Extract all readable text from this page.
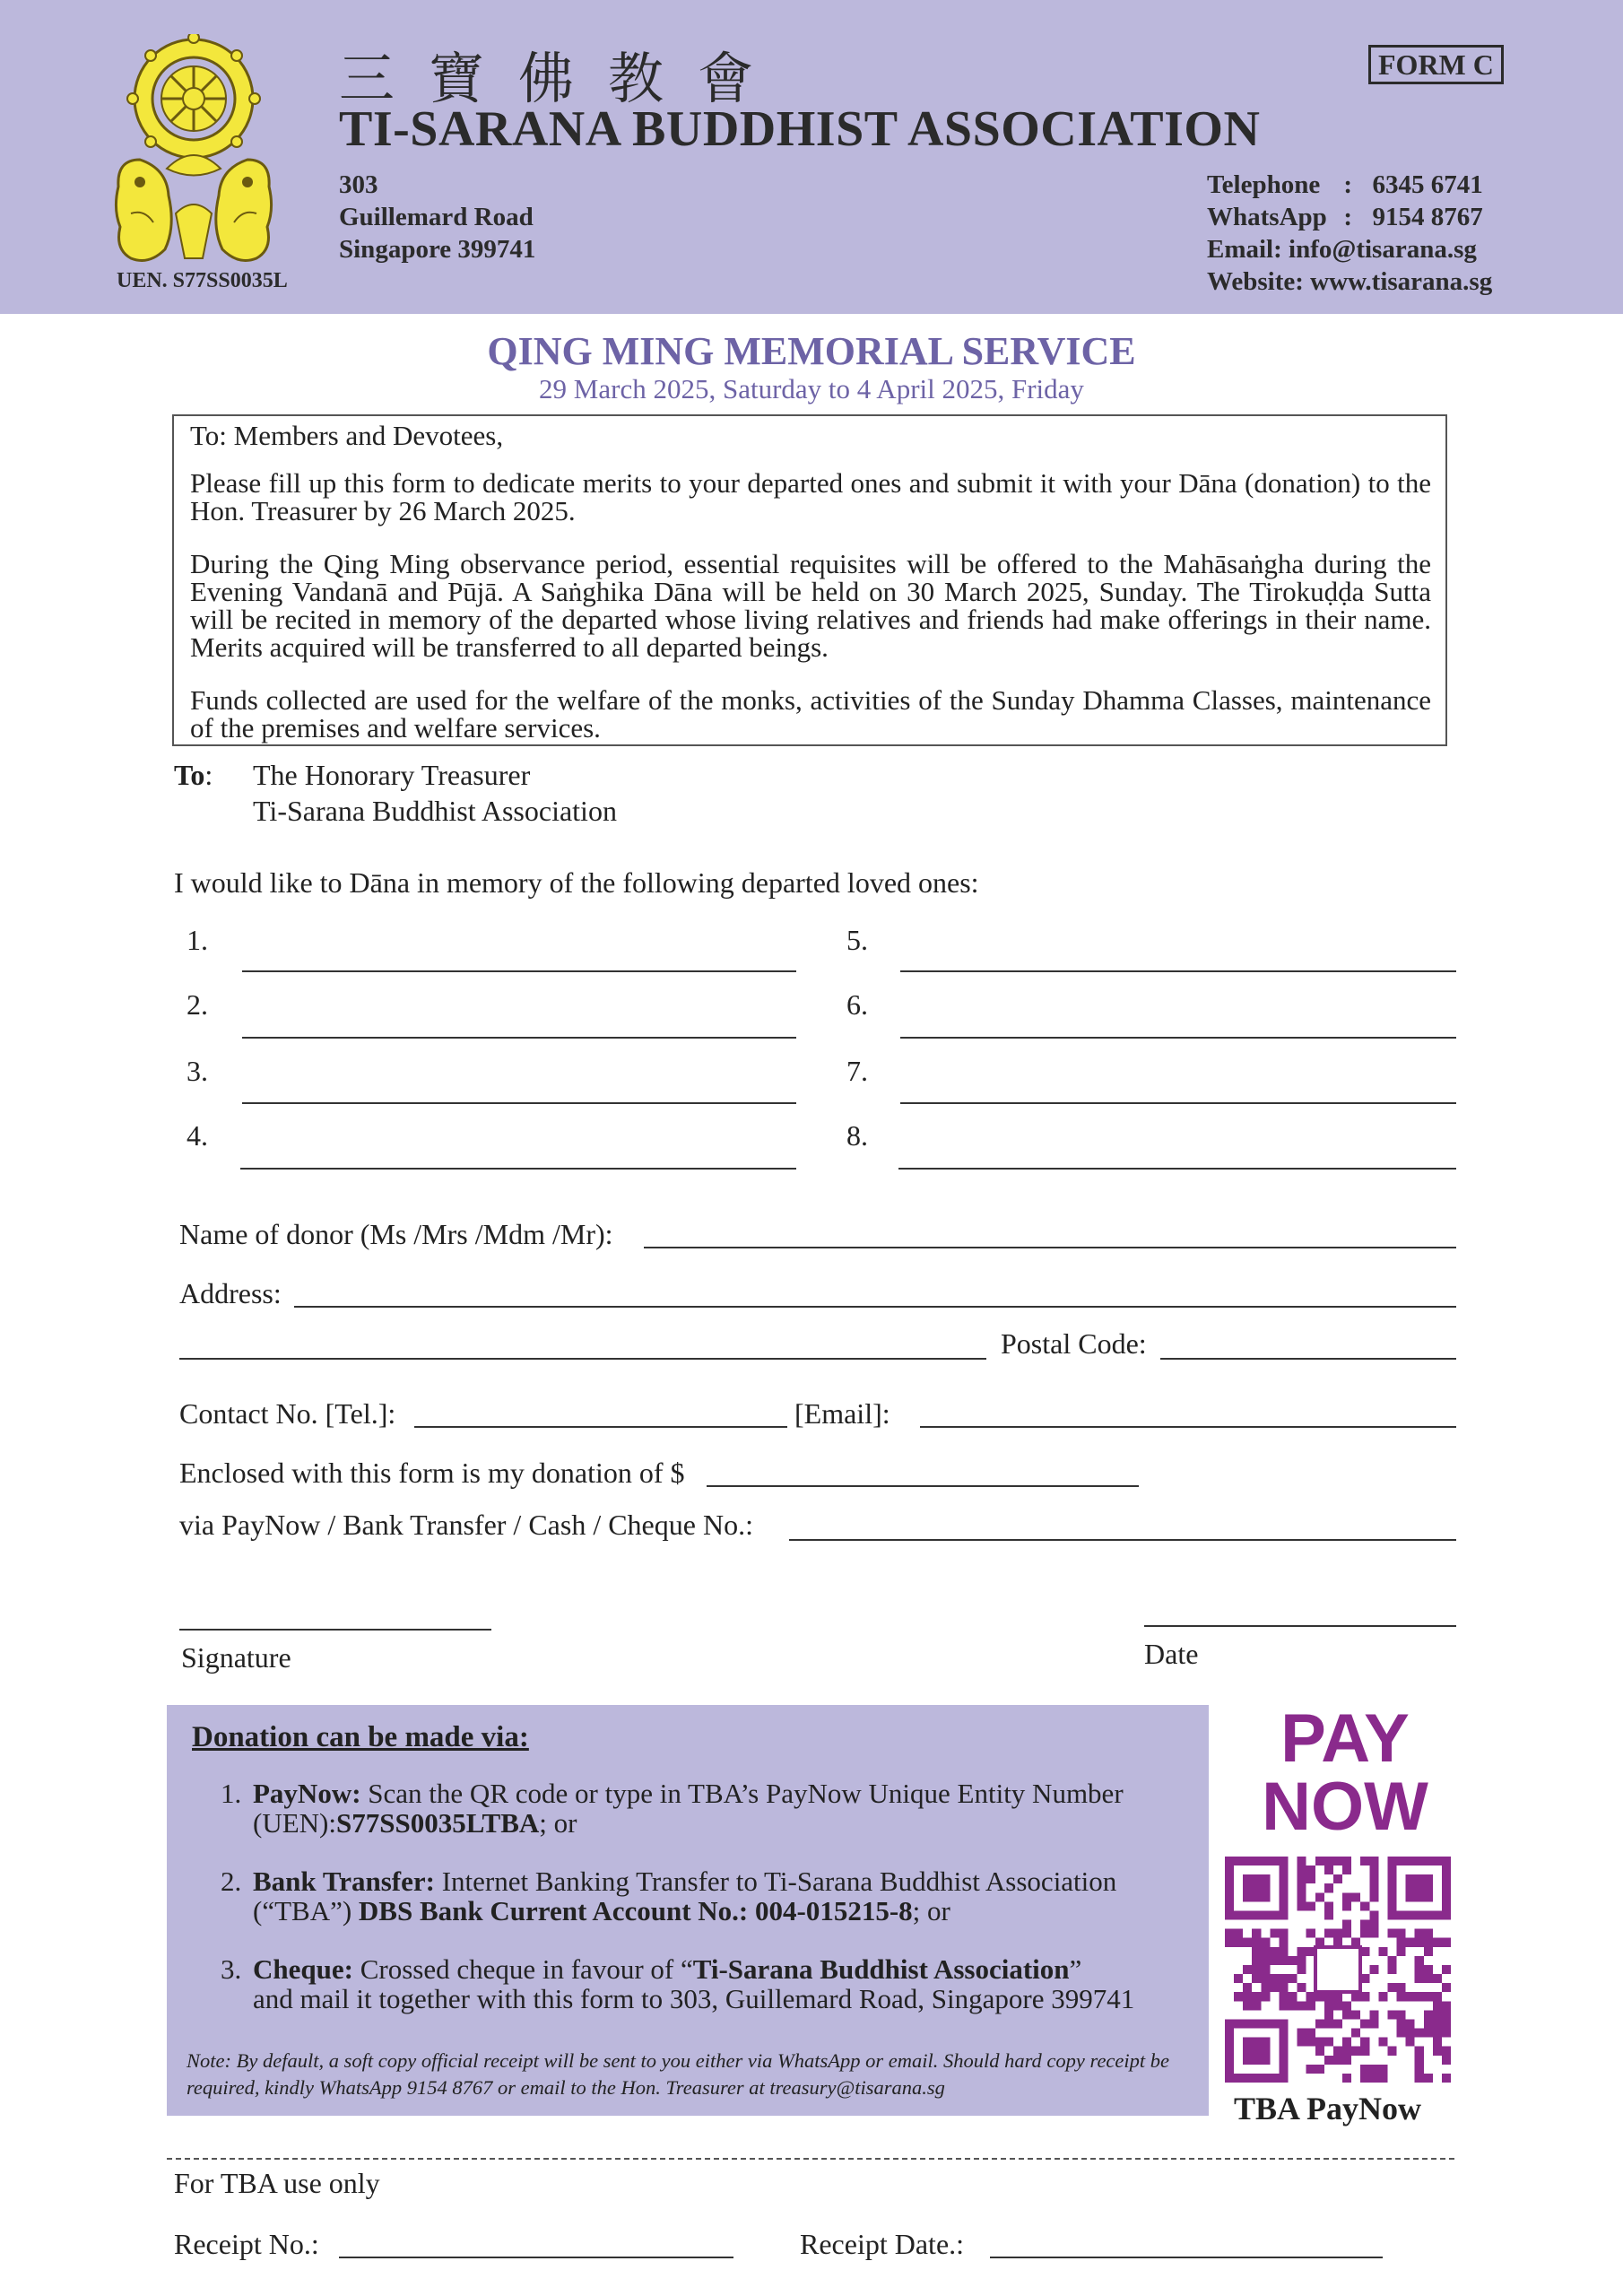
三寶佛教會
TI-SARANA BUDDHIST ASSOCIATION
FORM C
303
Guillemard Road
Singapore 399741
Telephone : 6345 6741
WhatsApp : 9154 8767
Email: info@tisarana.sg
Website: www.tisarana.sg
UEN. S77SS0035L
QING MING MEMORIAL SERVICE
29 March 2025, Saturday to 4 April 2025, Friday

To: Members and Devotees,

Please fill up this form to dedicate merits to your departed ones and submit it with your Dāna (donation) to the Hon. Treasurer by 26 March 2025.

During the Qing Ming observance period, essential requisites will be offered to the Mahāsaṅgha during the Evening Vandanā and Pūjā. A Saṅghika Dāna will be held on 30 March 2025, Sunday. The Tirokuḍḍa Sutta will be recited in memory of the departed whose living relatives and friends had make offerings in their name. Merits acquired will be transferred to all departed beings.

Funds collected are used for the welfare of the monks, activities of the Sunday Dhamma Classes, maintenance of the premises and welfare services.

To: The Honorary Treasurer
Ti-Sarana Buddhist Association
I would like to Dāna in memory of the following departed loved ones:
1.
2.
3.
4.
5.
6.
7.
8.
Name of donor (Ms /Mrs /Mdm /Mr):
Address:
Postal Code:
Contact No. [Tel.]:	[Email]:
Enclosed with this form is my donation of $
via PayNow / Bank Transfer / Cash / Cheque No.:
Signature	Date
Donation can be made via:
1. PayNow: Scan the QR code or type in TBA’s PayNow Unique Entity Number
(UEN):S77SS0035LTBA; or
2. Bank Transfer: Internet Banking Transfer to Ti-Sarana Buddhist Association
(“TBA”) DBS Bank Current Account No.: 004-015215-8; or
3. Cheque: Crossed cheque in favour of “Ti-Sarana Buddhist Association”
and mail it together with this form to 303, Guillemard Road, Singapore 399741
Note: By default, a soft copy official receipt will be sent to you either via WhatsApp or email. Should hard copy receipt be required, kindly WhatsApp 9154 8767 or email to the Hon. Treasurer at treasury@tisarana.sg
PAY
NOW
TBA PayNow
For TBA use only
Receipt No.:	Receipt Date.:
